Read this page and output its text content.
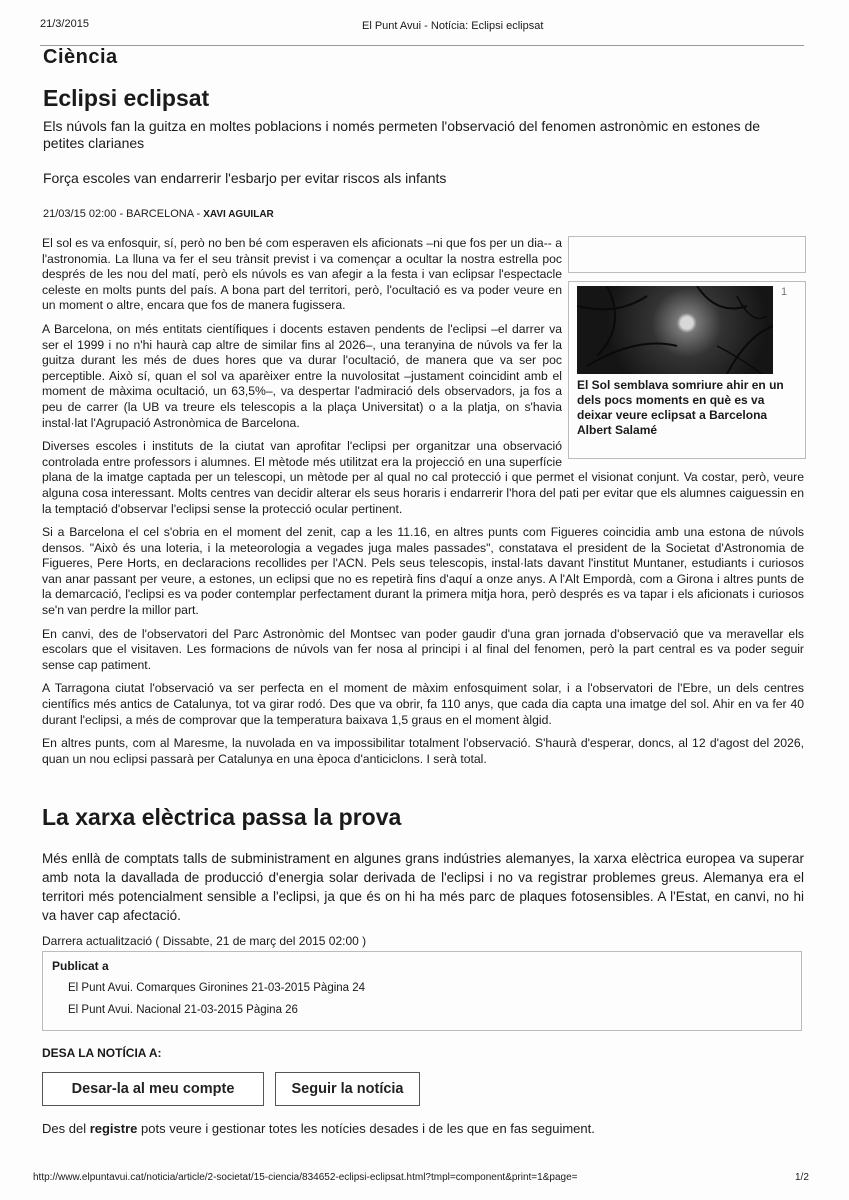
21/3/2015	El Punt Avui - Notícia: Eclipsi eclipsat
Ciència
Eclipsi eclipsat
Els núvols fan la guitza en moltes poblacions i només permeten l'observació del fenomen astronòmic en estones de petites clarianes
Força escoles van endarrerir l'esbarjo per evitar riscos als infants
21/03/15 02:00 - BARCELONA - XAVI AGUILAR
1
El Sol semblava somriure ahir en un dels pocs moments en què es va deixar veure eclipsat a Barcelona
Albert Salamé

El sol es va enfosquir, sí, però no ben bé com esperaven els aficionats –ni que fos per un dia-- a l'astronomia. La lluna va fer el seu trànsit previst i va començar a ocultar la nostra estrella poc després de les nou del matí, però els núvols es van afegir a la festa i van eclipsar l'espectacle celeste en molts punts del país. A bona part del territori, però, l'ocultació es va poder veure en un moment o altre, encara que fos de manera fugissera.

A Barcelona, on més entitats científiques i docents estaven pendents de l'eclipsi –el darrer va ser el 1999 i no n'hi haurà cap altre de similar fins al 2026–, una teranyina de núvols va fer la guitza durant les més de dues hores que va durar l'ocultació, de manera que va ser poc perceptible. Això sí, quan el sol va aparèixer entre la nuvolositat –justament coincidint amb el moment de màxima ocultació, un 63,5%–, va despertar l'admiració dels observadors, ja fos a peu de carrer (la UB va treure els telescopis a la plaça Universitat) o a la platja, on s'havia instal·lat l'Agrupació Astronòmica de Barcelona.

Diverses escoles i instituts de la ciutat van aprofitar l'eclipsi per organitzar una observació controlada entre professors i alumnes. El mètode més utilitzat era la projecció en una superfície plana de la imatge captada per un telescopi, un mètode per al qual no cal protecció i que permet el visionat conjunt. Va costar, però, veure alguna cosa interessant. Molts centres van decidir alterar els seus horaris i endarrerir l'hora del pati per evitar que els alumnes caiguessin en la temptació d'observar l'eclipsi sense la protecció ocular pertinent.

Si a Barcelona el cel s'obria en el moment del zenit, cap a les 11.16, en altres punts com Figueres coincidia amb una estona de núvols densos. "Això és una loteria, i la meteorologia a vegades juga males passades", constatava el president de la Societat d'Astronomia de Figueres, Pere Horts, en declaracions recollides per l'ACN. Pels seus telescopis, instal·lats davant l'institut Muntaner, estudiants i curiosos van anar passant per veure, a estones, un eclipsi que no es repetirà fins d'aquí a onze anys. A l'Alt Empordà, com a Girona i altres punts de la demarcació, l'eclipsi es va poder contemplar perfectament durant la primera mitja hora, però després es va tapar i els aficionats i curiosos se'n van perdre la millor part.

En canvi, des de l'observatori del Parc Astronòmic del Montsec van poder gaudir d'una gran jornada d'observació que va meravellar els escolars que el visitaven. Les formacions de núvols van fer nosa al principi i al final del fenomen, però la part central es va poder seguir sense cap patiment.

A Tarragona ciutat l'observació va ser perfecta en el moment de màxim enfosquiment solar, i a l'observatori de l'Ebre, un dels centres científics més antics de Catalunya, tot va girar rodó. Des que va obrir, fa 110 anys, que cada dia capta una imatge del sol. Ahir en va fer 40 durant l'eclipsi, a més de comprovar que la temperatura baixava 1,5 graus en el moment àlgid.

En altres punts, com al Maresme, la nuvolada en va impossibilitar totalment l'observació. S'haurà d'esperar, doncs, al 12 d'agost del 2026, quan un nou eclipsi passarà per Catalunya en una època d'anticiclons. I serà total.

La xarxa elèctrica passa la prova
Més enllà de comptats talls de subministrament en algunes grans indústries alemanyes, la xarxa elèctrica europea va superar amb nota la davallada de producció d'energia solar derivada de l'eclipsi i no va registrar problemes greus. Alemanya era el territori més potencialment sensible a l'eclipsi, ja que és on hi ha més parc de plaques fotosensibles. A l'Estat, en canvi, no hi va haver cap afectació.
Darrera actualització ( Dissabte, 21 de març del 2015 02:00 )
Publicat a
El Punt Avui. Comarques Gironines 21-03-2015 Pàgina 24
El Punt Avui. Nacional 21-03-2015 Pàgina 26
DESA LA NOTÍCIA A:
Desar-la al meu compte	Seguir la notícia
Des del registre pots veure i gestionar totes les notícies desades i de les que en fas seguiment.
http://www.elpuntavui.cat/noticia/article/2-societat/15-ciencia/834652-eclipsi-eclipsat.html?tmpl=component&print=1&page=	1/2
